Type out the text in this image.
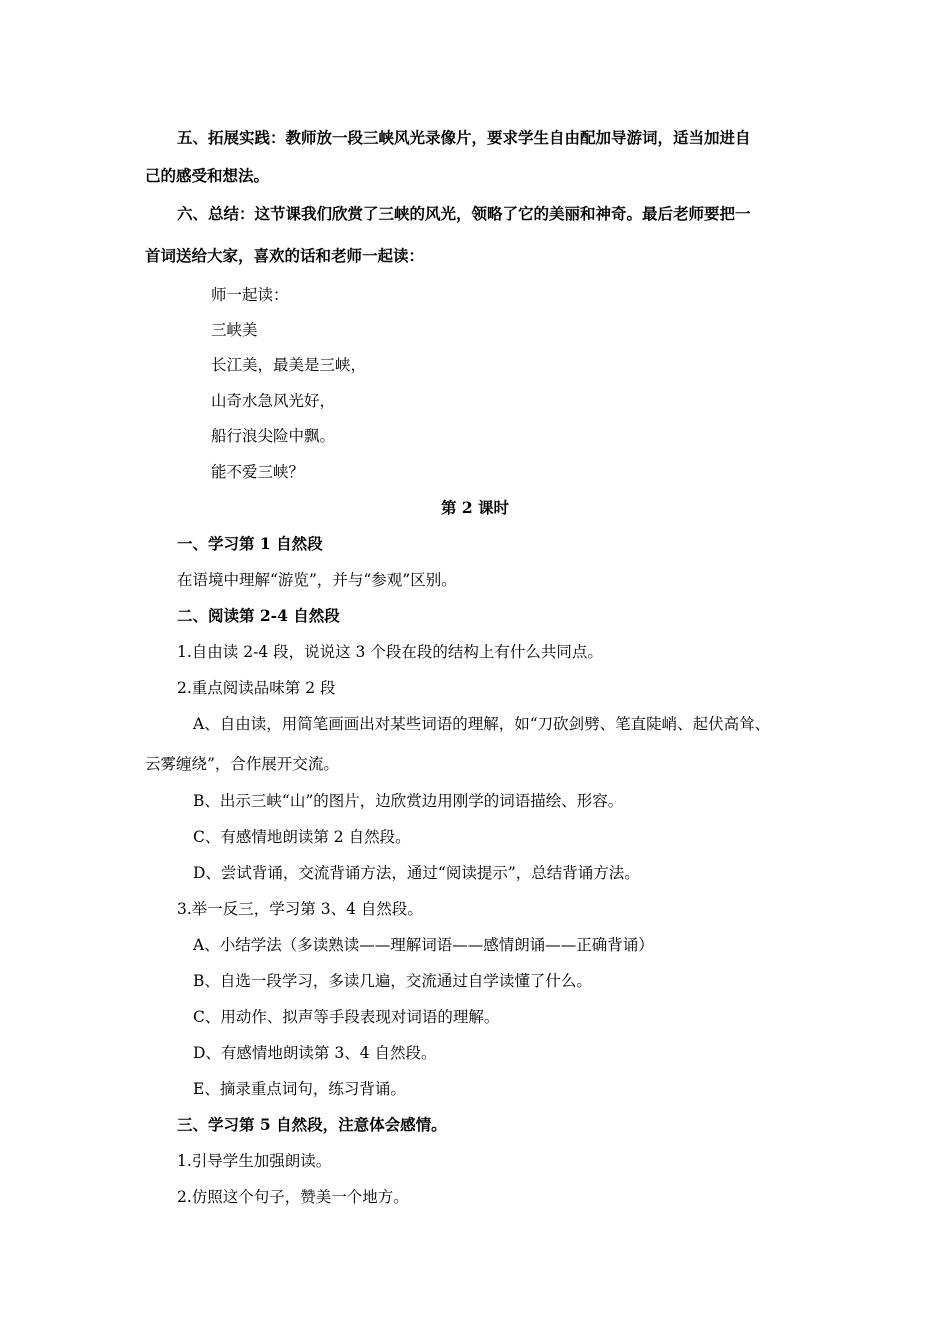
五、拓展实践：教师放一段三峡风光录像片，要求学生自由配加导游词，适当加进自
己的感受和想法。
六、总结：这节课我们欣赏了三峡的风光，领略了它的美丽和神奇。最后老师要把一
首词送给大家，喜欢的话和老师一起读：
师一起读：
三峡美
长江美，最美是三峡，
山奇水急风光好，
船行浪尖险中飘。
能不爱三峡？
第 2 课时
一、学习第 1 自然段
在语境中理解“游览”，并与“参观”区别。
二、阅读第 2-4 自然段
1.自由读 2-4 段，说说这 3 个段在段的结构上有什么共同点。
2.重点阅读品味第 2 段
A、自由读，用简笔画画出对某些词语的理解，如“刀砍剑劈、笔直陡峭、起伏高耸、
云雾缠绕”，合作展开交流。
B、出示三峡“山”的图片，边欣赏边用刚学的词语描绘、形容。
C、有感情地朗读第 2 自然段。
D、尝试背诵，交流背诵方法，通过“阅读提示”，总结背诵方法。
3.举一反三，学习第 3、4 自然段。
A、小结学法（多读熟读——理解词语——感情朗诵——正确背诵）
B、自选一段学习，多读几遍，交流通过自学读懂了什么。
C、用动作、拟声等手段表现对词语的理解。
D、有感情地朗读第 3、4 自然段。
E、摘录重点词句，练习背诵。
三、学习第 5 自然段，注意体会感情。
1.引导学生加强朗读。
2.仿照这个句子，赞美一个地方。
